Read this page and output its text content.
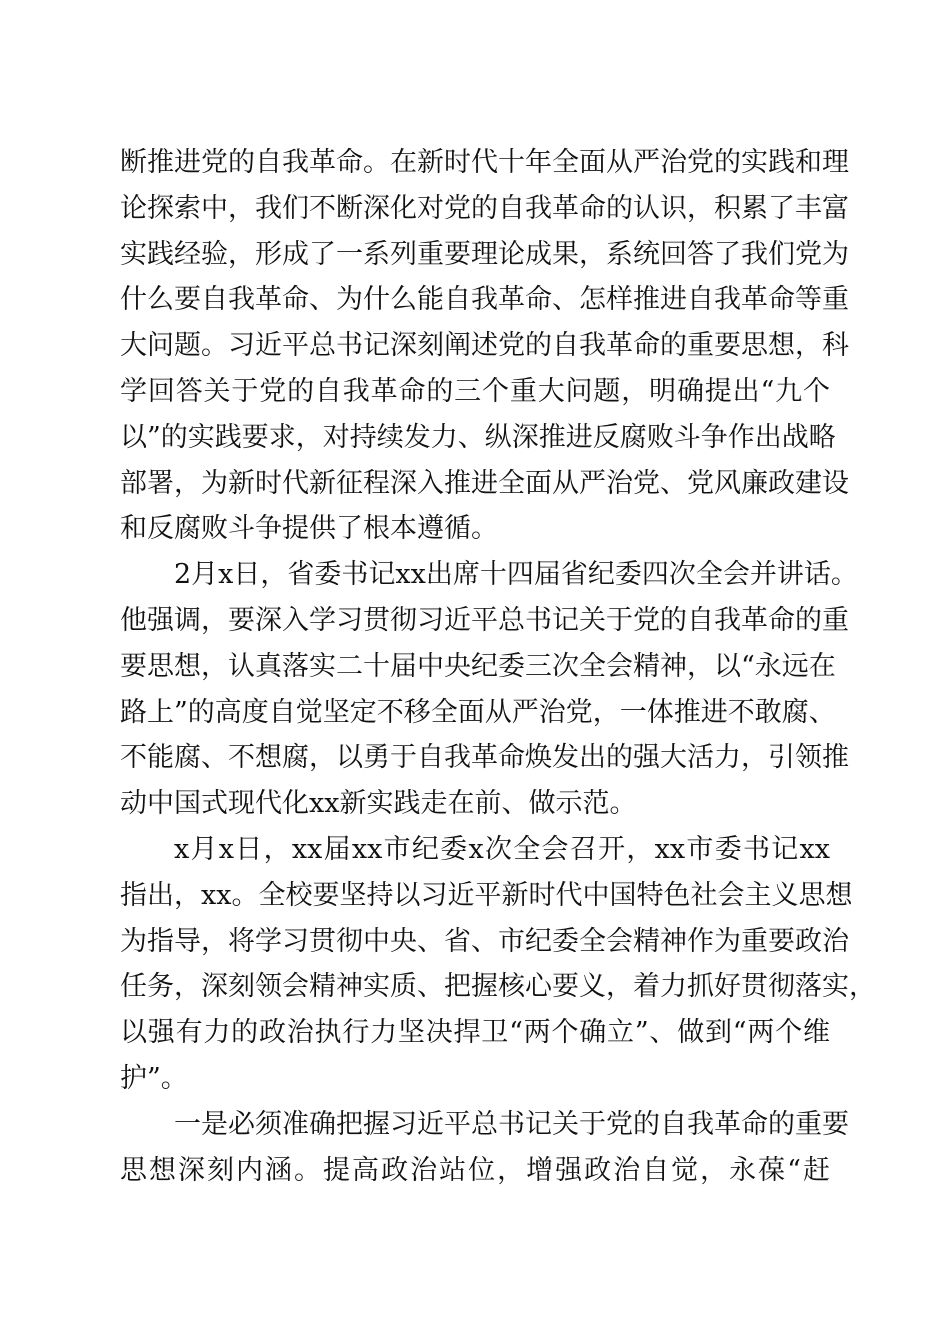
断推进党的自我革命。在新时代十年全面从严治党的实践和理
论探索中，我们不断深化对党的自我革命的认识，积累了丰富
实践经验，形成了一系列重要理论成果，系统回答了我们党为
什么要自我革命、为什么能自我革命、怎样推进自我革命等重
大问题。习近平总书记深刻阐述党的自我革命的重要思想，科
学回答关于党的自我革命的三个重大问题，明确提出“九个
以”的实践要求，对持续发力、纵深推进反腐败斗争作出战略
部署，为新时代新征程深入推进全面从严治党、党风廉政建设
和反腐败斗争提供了根本遵循。
2月x日，省委书记xx出席十四届省纪委四次全会并讲话。
他强调，要深入学习贯彻习近平总书记关于党的自我革命的重
要思想，认真落实二十届中央纪委三次全会精神，以“永远在
路上”的高度自觉坚定不移全面从严治党，一体推进不敢腐、
不能腐、不想腐，以勇于自我革命焕发出的强大活力，引领推
动中国式现代化xx新实践走在前、做示范。
x月x日，xx届xx市纪委x次全会召开，xx市委书记xx
指出，xx。全校要坚持以习近平新时代中国特色社会主义思想
为指导，将学习贯彻中央、省、市纪委全会精神作为重要政治
任务，深刻领会精神实质、把握核心要义，着力抓好贯彻落实，
以强有力的政治执行力坚决捍卫“两个确立”、做到“两个维
护”。
一是必须准确把握习近平总书记关于党的自我革命的重要
思想深刻内涵。提高政治站位，增强政治自觉，永葆“赶
